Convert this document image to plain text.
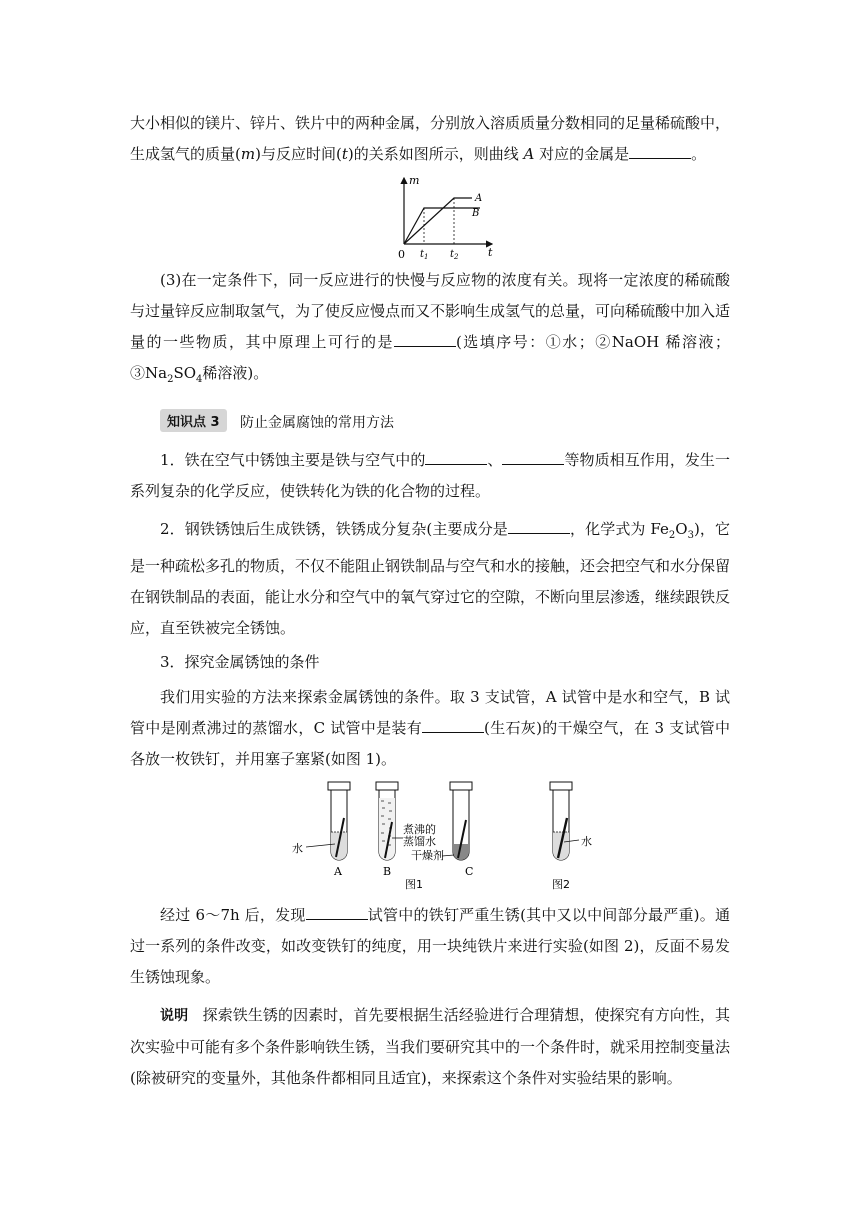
大小相似的镁片、锌片、铁片中的两种金属，分别放入溶质质量分数相同的足量稀硫酸中，
生成氢气的质量(m)与反应时间(t)的关系如图所示，则曲线 A 对应的金属是	。
m
t
0
A
B
$t_1$ $t_2$
(3)在一定条件下，同一反应进行的快慢与反应物的浓度有关。现将一定浓度的稀硫酸与过量锌反应制取氢气，为了使反应慢点而又不影响生成氢气的总量，可向稀硫酸中加入适量的一些物质，其中原理上可行的是	(选填序号：①水；②NaOH 稀溶液；$③Na_2SO_4$稀溶液)。
知识点 3	防止金属腐蚀的常用方法
1．铁在空气中锈蚀主要是铁与空气中的	、	等物质相互作用，发生一系列复杂的化学反应，使铁转化为铁的化合物的过程。
2．钢铁锈蚀后生成铁锈，铁锈成分复杂(主要成分是	，化学式为 $Fe_2O_3$)，它是一种疏松多孔的物质，不仅不能阻止钢铁制品与空气和水的接触，还会把空气和水分保留在钢铁制品的表面，能让水分和空气中的氧气穿过它的空隙，不断向里层渗透，继续跟铁反应，直至铁被完全锈蚀。
3．探究金属锈蚀的条件
我们用实验的方法来探索金属锈蚀的条件。取 3 支试管，A 试管中是水和空气，B 试管中是刚煮沸过的蒸馏水，C 试管中是装有	(生石灰)的干燥空气，在 3 支试管中各放一枚铁钉，并用塞子塞紧(如图 1)。
水
煮沸的
蒸馏水
干燥剂
A	B	C
图1	图2
水
经过 6～7h 后，发现	试管中的铁钉严重生锈(其中又以中间部分最严重)。通过一系列的条件改变，如改变铁钉的纯度，用一块纯铁片来进行实验(如图 2)，反面不易发生锈蚀现象。
说明 探索铁生锈的因素时，首先要根据生活经验进行合理猜想，使探究有方向性，其次实验中可能有多个条件影响铁生锈，当我们要研究其中的一个条件时，就采用控制变量法(除被研究的变量外，其他条件都相同且适宜)，来探索这个条件对实验结果的影响。
